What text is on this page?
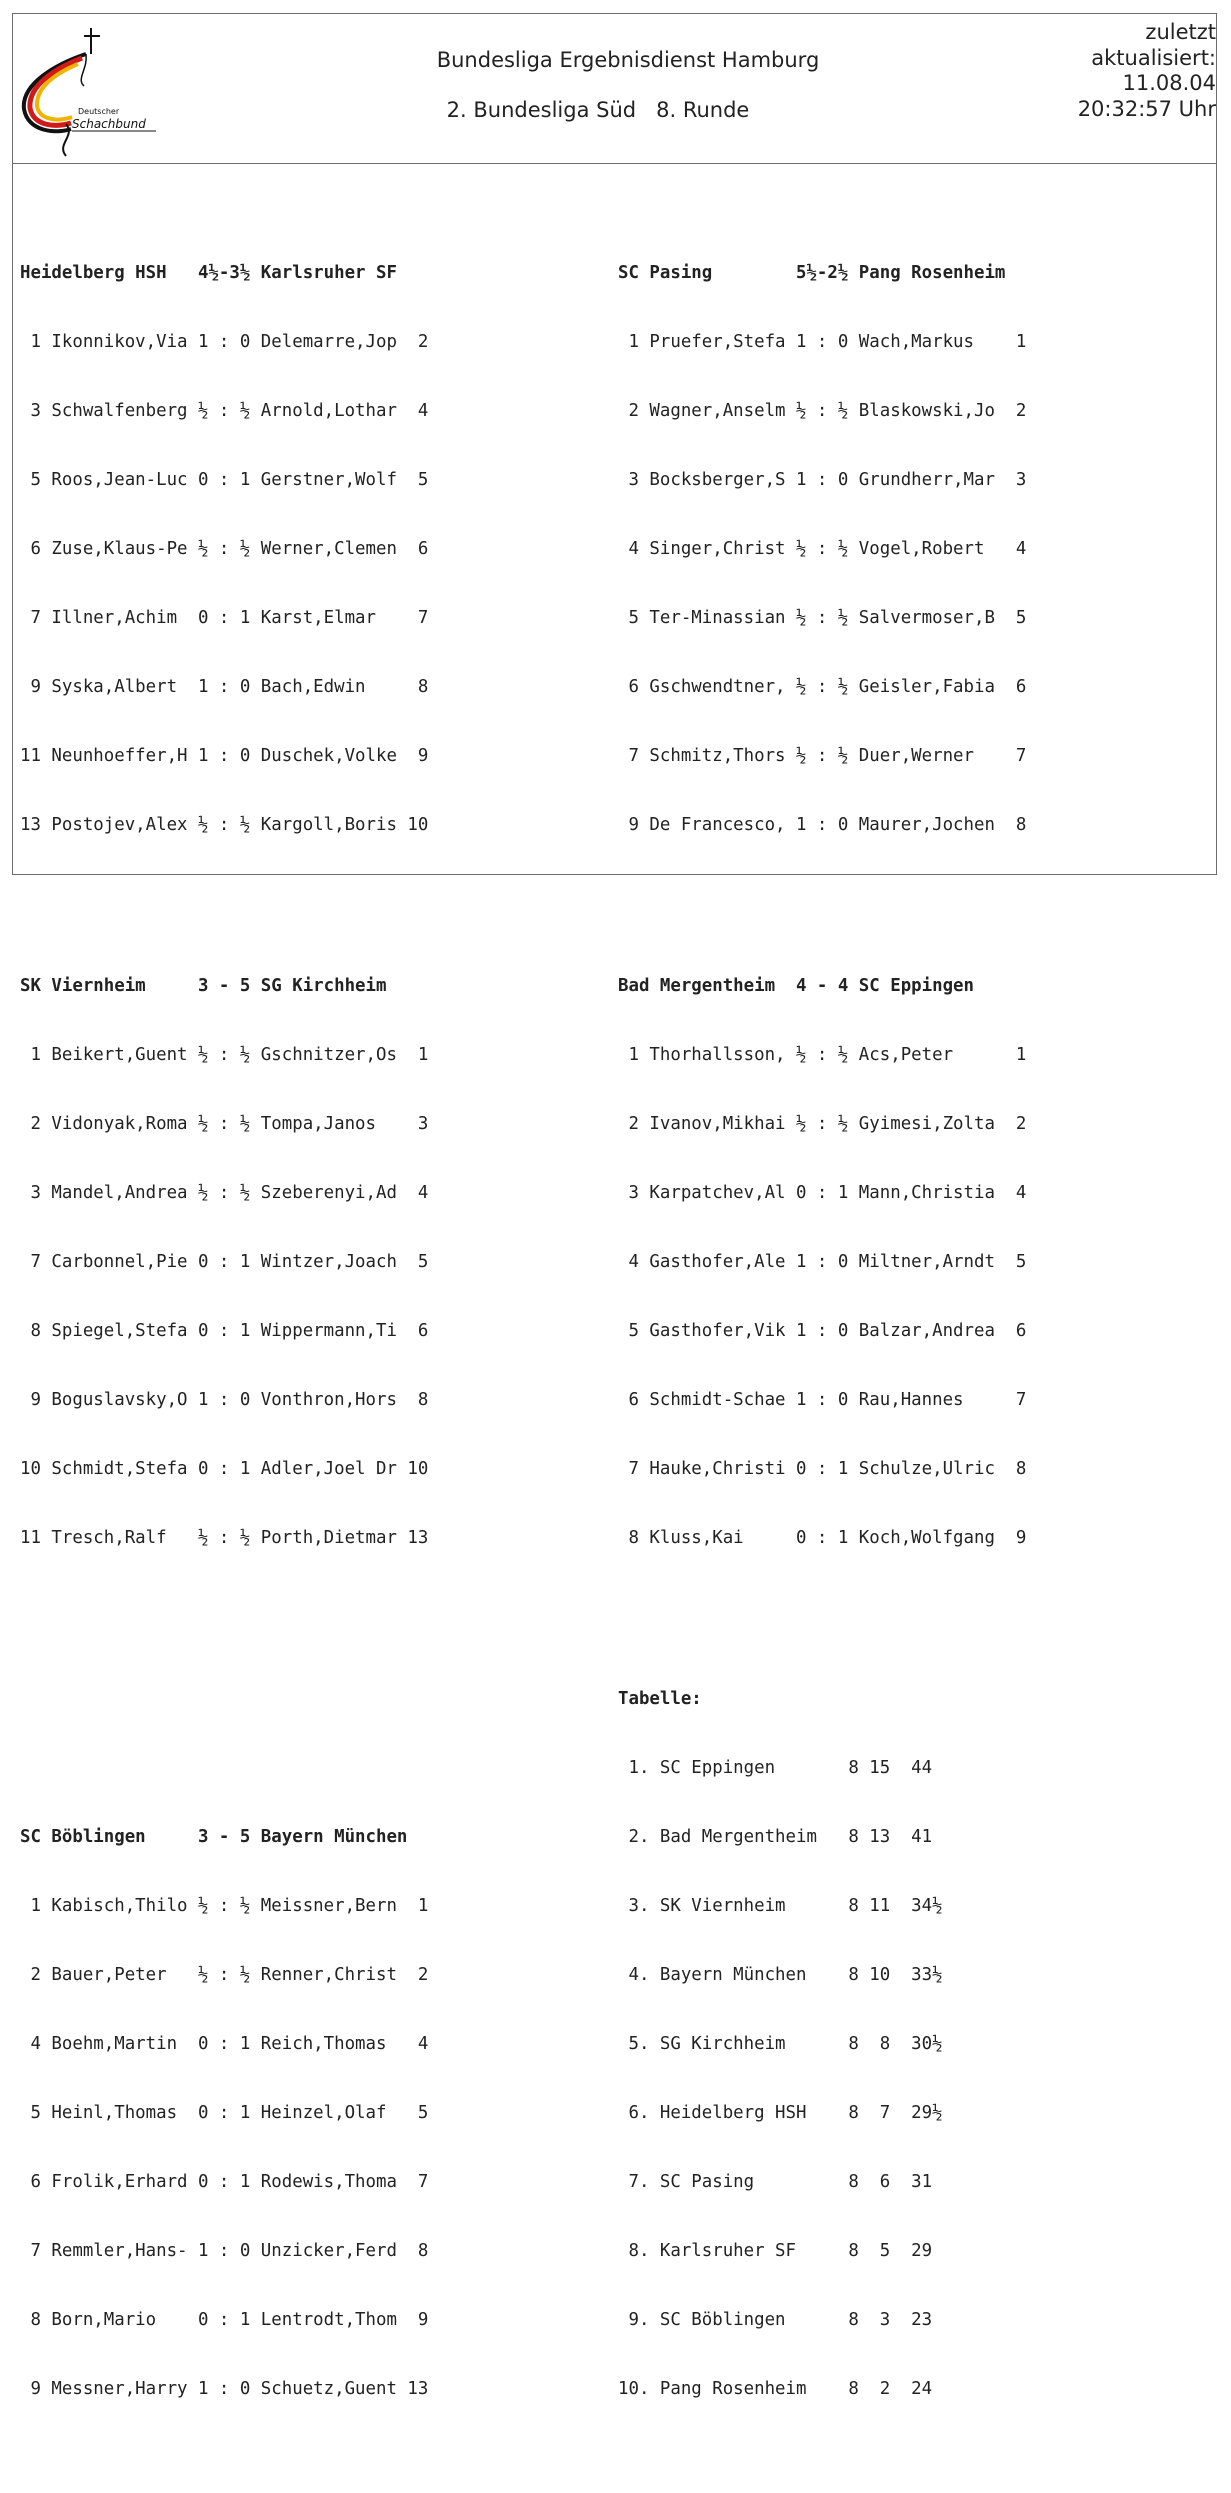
Deutscher
Schachbund
Bundesliga Ergebnisdienst Hamburg
2. Bundesliga Süd   8. Runde
zuletzt
aktualisiert:
11.08.04
20:32:57 Uhr

Heidelberg HSH   4½-3½ Karlsruher SF

1 Ikonnikov,Via 1 : 0 Delemarre,Jop  2

3 Schwalfenberg ½ : ½ Arnold,Lothar  4

5 Roos,Jean-Luc 0 : 1 Gerstner,Wolf  5

6 Zuse,Klaus-Pe ½ : ½ Werner,Clemen  6

7 Illner,Achim  0 : 1 Karst,Elmar    7

9 Syska,Albert  1 : 0 Bach,Edwin     8

11 Neunhoeffer,H 1 : 0 Duschek,Volke  9

13 Postojev,Alex ½ : ½ Kargoll,Boris 10

SK Viernheim     3 - 5 SG Kirchheim

1 Beikert,Guent ½ : ½ Gschnitzer,Os  1

2 Vidonyak,Roma ½ : ½ Tompa,Janos    3

3 Mandel,Andrea ½ : ½ Szeberenyi,Ad  4

7 Carbonnel,Pie 0 : 1 Wintzer,Joach  5

8 Spiegel,Stefa 0 : 1 Wippermann,Ti  6

9 Boguslavsky,O 1 : 0 Vonthron,Hors  8

10 Schmidt,Stefa 0 : 1 Adler,Joel Dr 10

11 Tresch,Ralf   ½ : ½ Porth,Dietmar 13

SC Böblingen     3 - 5 Bayern München

1 Kabisch,Thilo ½ : ½ Meissner,Bern  1

2 Bauer,Peter   ½ : ½ Renner,Christ  2

4 Boehm,Martin  0 : 1 Reich,Thomas   4

5 Heinl,Thomas  0 : 1 Heinzel,Olaf   5

6 Frolik,Erhard 0 : 1 Rodewis,Thoma  7

7 Remmler,Hans- 1 : 0 Unzicker,Ferd  8

8 Born,Mario    0 : 1 Lentrodt,Thom  9

9 Messner,Harry 1 : 0 Schuetz,Guent 13

SC Pasing        5½-2½ Pang Rosenheim

1 Pruefer,Stefa 1 : 0 Wach,Markus    1

2 Wagner,Anselm ½ : ½ Blaskowski,Jo  2

3 Bocksberger,S 1 : 0 Grundherr,Mar  3

4 Singer,Christ ½ : ½ Vogel,Robert   4

5 Ter-Minassian ½ : ½ Salvermoser,B  5

6 Gschwendtner, ½ : ½ Geisler,Fabia  6

7 Schmitz,Thors ½ : ½ Duer,Werner    7

9 De Francesco, 1 : 0 Maurer,Jochen  8

Bad Mergentheim  4 - 4 SC Eppingen

1 Thorhallsson, ½ : ½ Acs,Peter      1

2 Ivanov,Mikhai ½ : ½ Gyimesi,Zolta  2

3 Karpatchev,Al 0 : 1 Mann,Christia  4

4 Gasthofer,Ale 1 : 0 Miltner,Arndt  5

5 Gasthofer,Vik 1 : 0 Balzar,Andrea  6

6 Schmidt-Schae 1 : 0 Rau,Hannes     7

7 Hauke,Christi 0 : 1 Schulze,Ulric  8

8 Kluss,Kai     0 : 1 Koch,Wolfgang  9

Tabelle:

1. SC Eppingen       8 15  44

2. Bad Mergentheim   8 13  41

3. SK Viernheim      8 11  34½

4. Bayern München    8 10  33½

5. SG Kirchheim      8  8  30½

6. Heidelberg HSH    8  7  29½

7. SC Pasing         8  6  31

8. Karlsruher SF     8  5  29

9. SC Böblingen      8  3  23

10. Pang Rosenheim    8  2  24
